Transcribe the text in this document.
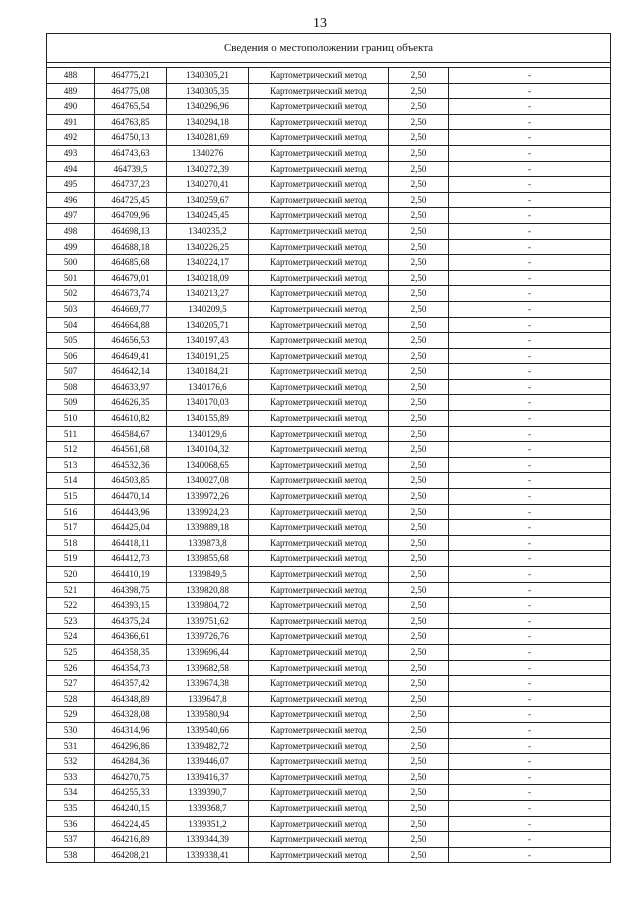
13
Сведения о местоположении границ объекта					

488	464775,21	1340305,21	Картометрический метод	2,50	-
489	464775,08	1340305,35	Картометрический метод	2,50	-
490	464765,54	1340296,96	Картометрический метод	2,50	-
491	464763,85	1340294,18	Картометрический метод	2,50	-
492	464750,13	1340281,69	Картометрический метод	2,50	-
493	464743,63	1340276	Картометрический метод	2,50	-
494	464739,5	1340272,39	Картометрический метод	2,50	-
495	464737,23	1340270,41	Картометрический метод	2,50	-
496	464725,45	1340259,67	Картометрический метод	2,50	-
497	464709,96	1340245,45	Картометрический метод	2,50	-
498	464698,13	1340235,2	Картометрический метод	2,50	-
499	464688,18	1340226,25	Картометрический метод	2,50	-
500	464685,68	1340224,17	Картометрический метод	2,50	-
501	464679,01	1340218,09	Картометрический метод	2,50	-
502	464673,74	1340213,27	Картометрический метод	2,50	-
503	464669,77	1340209,5	Картометрический метод	2,50	-
504	464664,88	1340205,71	Картометрический метод	2,50	-
505	464656,53	1340197,43	Картометрический метод	2,50	-
506	464649,41	1340191,25	Картометрический метод	2,50	-
507	464642,14	1340184,21	Картометрический метод	2,50	-
508	464633,97	1340176,6	Картометрический метод	2,50	-
509	464626,35	1340170,03	Картометрический метод	2,50	-
510	464610,82	1340155,89	Картометрический метод	2,50	-
511	464584,67	1340129,6	Картометрический метод	2,50	-
512	464561,68	1340104,32	Картометрический метод	2,50	-
513	464532,36	1340068,65	Картометрический метод	2,50	-
514	464503,85	1340027,08	Картометрический метод	2,50	-
515	464470,14	1339972,26	Картометрический метод	2,50	-
516	464443,96	1339924,23	Картометрический метод	2,50	-
517	464425,04	1339889,18	Картометрический метод	2,50	-
518	464418,11	1339873,8	Картометрический метод	2,50	-
519	464412,73	1339855,68	Картометрический метод	2,50	-
520	464410,19	1339849,5	Картометрический метод	2,50	-
521	464398,75	1339820,88	Картометрический метод	2,50	-
522	464393,15	1339804,72	Картометрический метод	2,50	-
523	464375,24	1339751,62	Картометрический метод	2,50	-
524	464366,61	1339726,76	Картометрический метод	2,50	-
525	464358,35	1339696,44	Картометрический метод	2,50	-
526	464354,73	1339682,58	Картометрический метод	2,50	-
527	464357,42	1339674,38	Картометрический метод	2,50	-
528	464348,89	1339647,8	Картометрический метод	2,50	-
529	464328,08	1339580,94	Картометрический метод	2,50	-
530	464314,96	1339540,66	Картометрический метод	2,50	-
531	464296,86	1339482,72	Картометрический метод	2,50	-
532	464284,36	1339446,07	Картометрический метод	2,50	-
533	464270,75	1339416,37	Картометрический метод	2,50	-
534	464255,33	1339390,7	Картометрический метод	2,50	-
535	464240,15	1339368,7	Картометрический метод	2,50	-
536	464224,45	1339351,2	Картометрический метод	2,50	-
537	464216,89	1339344,39	Картометрический метод	2,50	-
538	464208,21	1339338,41	Картометрический метод	2,50	-
